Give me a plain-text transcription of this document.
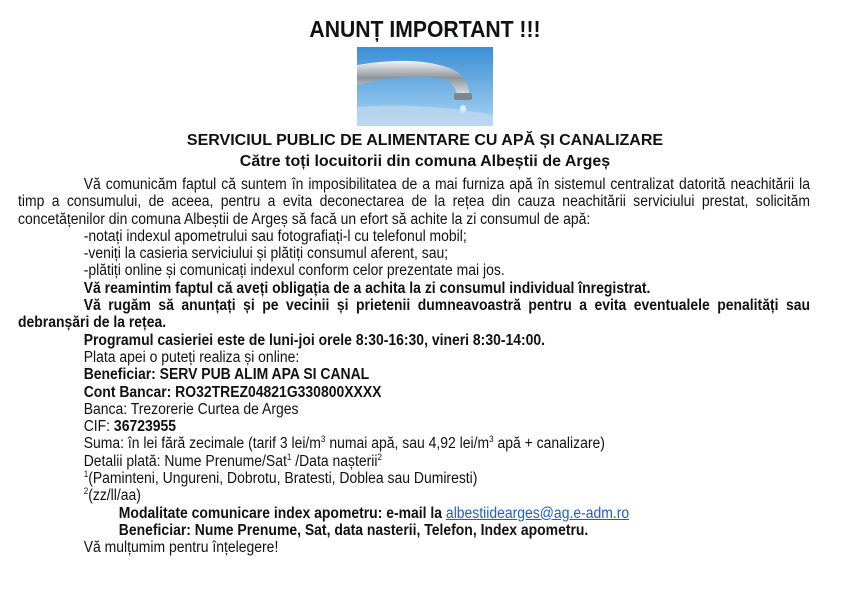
ANUNȚ IMPORTANT !!!
SERVICIUL PUBLIC DE ALIMENTARE CU APĂ ȘI CANALIZARE
Către toți locuitorii din comuna Albeștii de Argeș

Vă comunicăm faptul că suntem în imposibilitatea de a mai furniza apă în sistemul centralizat datorită neachitării la timp a consumului, de aceea, pentru a evita deconectarea de la rețea din cauza neachitării serviciului prestat, solicităm concetățenilor din comuna Albeștii de Argeș să facă un efort să achite la zi consumul de apă:

-notați indexul apometrului sau fotografiați-l cu telefonul mobil;

-veniți la casieria serviciului și plătiți consumul aferent, sau;

-plătiți online și comunicați indexul conform celor prezentate mai jos.

Vă reamintim faptul că aveți obligația de a achita la zi consumul individual înregistrat.

Vă rugăm să anunțați și pe vecinii și prietenii dumneavoastră pentru a evita eventualele penalități sau debranșări de la rețea.

Programul casieriei este de luni-joi orele 8:30-16:30, vineri 8:30-14:00.

Plata apei o puteți realiza și online:

Beneficiar: SERV PUB ALIM APA SI CANAL

Cont Bancar: RO32TREZ04821G330800XXXX

Banca: Trezorerie Curtea de Arges

CIF: 36723955

Suma: în lei fără zecimale (tarif 3 lei/$m^3$ numai apă, sau 4,92 lei/$m^3$ apă + canalizare)

Detalii plată: Nume Prenume/Sat$^1$ /Data nașterii$^2$

$^1$(Paminteni, Ungureni, Dobrotu, Bratesti, Doblea sau Dumiresti)

$^2$(zz/ll/aa)

Modalitate comunicare index apometru: e-mail la albestiidearges@ag.e-adm.ro

Beneficiar: Nume Prenume, Sat, data nasterii, Telefon, Index apometru.

Vă mulțumim pentru înțelegere!
